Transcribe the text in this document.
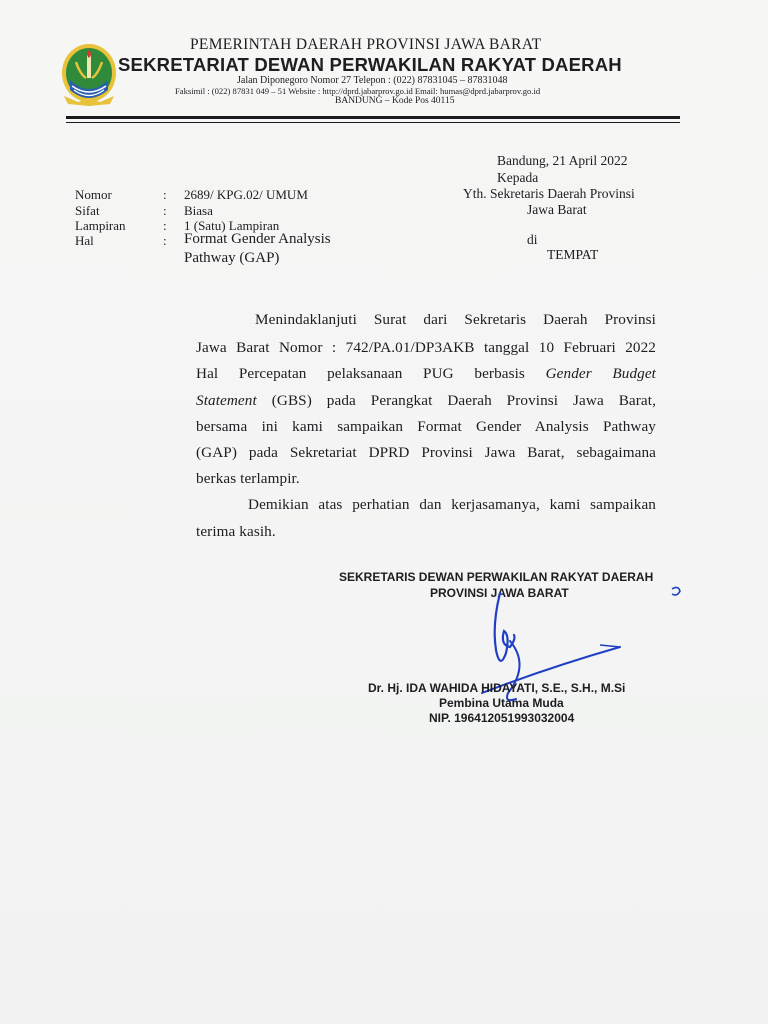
PEMERINTAH DAERAH PROVINSI JAWA BARAT
SEKRETARIAT DEWAN PERWAKILAN RAKYAT DAERAH
Jalan Diponegoro Nomor 27 Telepon : (022) 87831045 – 87831048
Faksimil : (022) 87831 049 – 51 Website : http://dprd.jabarprov.go.id Email: humas@dprd.jabarprov.go.id
BANDUNG – Kode Pos 40115
Bandung, 21 April 2022
Kepada
Yth. Sekretaris Daerah Provinsi
Jawa Barat
di
TEMPAT
Nomor	: 2689/ KPG.02/ UMUM
Sifat	: Biasa
Lampiran	: 1 (Satu) Lampiran
Hal	: Format Gender Analysis
Pathway (GAP)
Menindaklanjuti Surat dari Sekretaris Daerah Provinsi
Jawa Barat Nomor : 742/PA.01/DP3AKB tanggal 10 Februari 2022
Hal Percepatan pelaksanaan PUG berbasis Gender Budget
Statement (GBS) pada Perangkat Daerah Provinsi Jawa Barat,
bersama ini kami sampaikan Format Gender Analysis Pathway
(GAP) pada Sekretariat DPRD Provinsi Jawa Barat, sebagaimana
berkas terlampir.
Demikian atas perhatian dan kerjasamanya, kami sampaikan
terima kasih.
SEKRETARIS DEWAN PERWAKILAN RAKYAT DAERAH
PROVINSI JAWA BARAT
Dr. Hj. IDA WAHIDA HIDAYATI, S.E., S.H., M.Si
Pembina Utama Muda
NIP. 196412051993032004
